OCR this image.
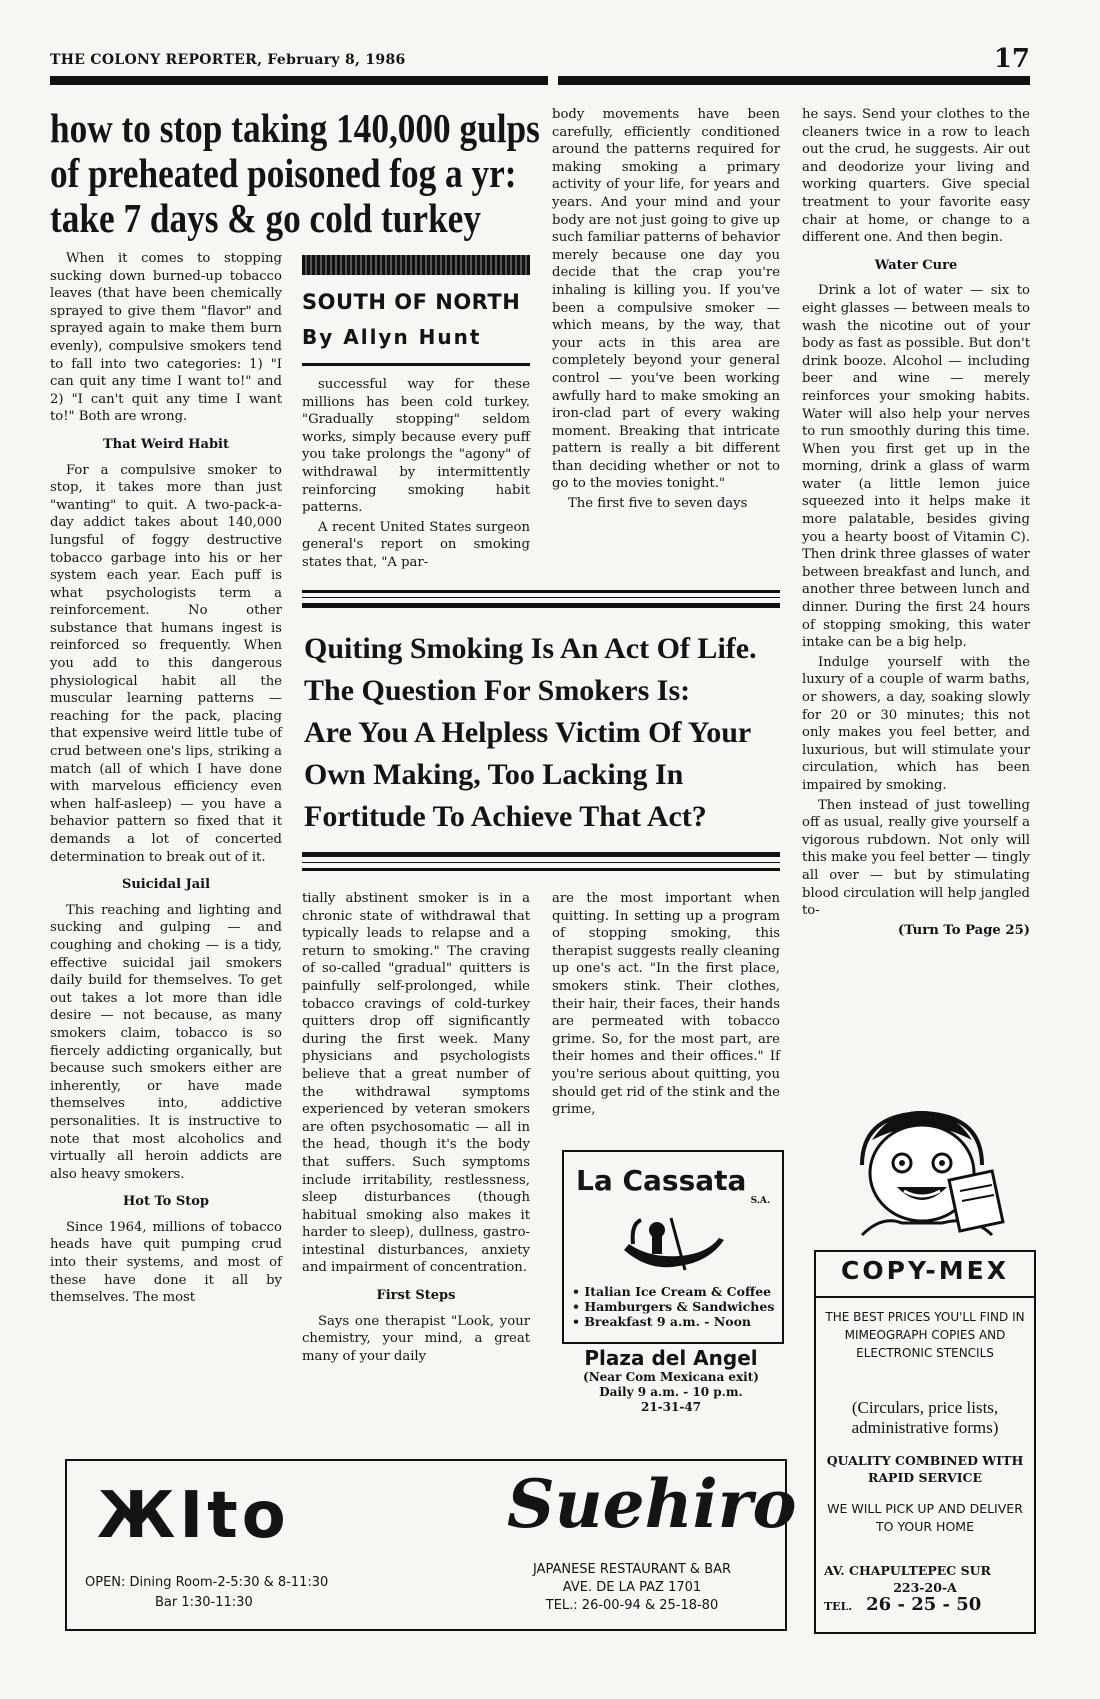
THE COLONY REPORTER, February 8, 1986	17
how to stop taking 140,000 gulps
of preheated poisoned fog a yr:
take 7 days & go cold turkey

When it comes to stopping sucking down burned-up tobacco leaves (that have been chemically sprayed to give them "flavor" and sprayed again to make them burn evenly), compulsive smokers tend to fall into two categories: 1) "I can quit any time I want to!" and 2) "I can't quit any time I want to!" Both are wrong.

That Weird Habit

For a compulsive smoker to stop, it takes more than just "wanting" to quit. A two-pack-a-day addict takes about 140,000 lungsful of foggy destructive tobacco garbage into his or her system each year. Each puff is what psychologists term a reinforcement. No other substance that humans ingest is reinforced so frequently. When you add to this dangerous physiological habit all the muscular learning patterns — reaching for the pack, placing that expensive weird little tube of crud between one's lips, striking a match (all of which I have done with marvelous efficiency even when half-asleep) — you have a behavior pattern so fixed that it demands a lot of concerted determination to break out of it.

Suicidal Jail

This reaching and lighting and sucking and gulping — and coughing and choking — is a tidy, effective suicidal jail smokers daily build for themselves. To get out takes a lot more than idle desire — not because, as many smokers claim, tobacco is so fiercely addicting organically, but because such smokers either are inherently, or have made themselves into, addictive personalities. It is instructive to note that most alcoholics and virtually all heroin addicts are also heavy smokers.

Hot To Stop

Since 1964, millions of tobacco heads have quit pumping crud into their systems, and most of these have done it all by themselves. The most

SOUTH OF NORTH
By Allyn Hunt

successful way for these millions has been cold turkey. "Gradually stopping" seldom works, simply because every puff you take prolongs the "agony" of withdrawal by intermittently reinforcing smoking habit patterns.

A recent United States surgeon general's report on smoking states that, "A par-

body movements have been carefully, efficiently conditioned around the patterns required for making smoking a primary activity of your life, for years and years. And your mind and your body are not just going to give up such familiar patterns of behavior merely because one day you decide that the crap you're inhaling is killing you. If you've been a compulsive smoker — which means, by the way, that your acts in this area are completely beyond your general control — you've been working awfully hard to make smoking an iron-clad part of every waking moment. Breaking that intricate pattern is really a bit different than deciding whether or not to go to the movies tonight."

The first five to seven days

Quiting Smoking Is An Act Of Life.
The Question For Smokers Is:
Are You A Helpless Victim Of Your
Own Making, Too Lacking In
Fortitude To Achieve That Act?

tially abstinent smoker is in a chronic state of withdrawal that typically leads to relapse and a return to smoking." The craving of so-called "gradual" quitters is painfully self-prolonged, while tobacco cravings of cold-turkey quitters drop off significantly during the first week. Many physicians and psychologists believe that a great number of the withdrawal symptoms experienced by veteran smokers are often psychosomatic — all in the head, though it's the body that suffers. Such symptoms include irritability, restlessness, sleep disturbances (though habitual smoking also makes it harder to sleep), dullness, gastro-intestinal disturbances, anxiety and impairment of concentration.

First Steps

Says one therapist "Look, your chemistry, your mind, a great many of your daily

are the most important when quitting. In setting up a program of stopping smoking, this therapist suggests really cleaning up one's act. "In the first place, smokers stink. Their clothes, their hair, their faces, their hands are permeated with tobacco grime. So, for the most part, are their homes and their offices." If you're serious about quitting, you should get rid of the stink and the grime,

he says. Send your clothes to the cleaners twice in a row to leach out the crud, he suggests. Air out and deodorize your living and working quarters. Give special treatment to your favorite easy chair at home, or change to a different one. And then begin.

Water Cure

Drink a lot of water — six to eight glasses — between meals to wash the nicotine out of your body as fast as possible. But don't drink booze. Alcohol — including beer and wine — merely reinforces your smoking habits. Water will also help your nerves to run smoothly during this time. When you first get up in the morning, drink a glass of warm water (a little lemon juice squeezed into it helps make it more palatable, besides giving you a hearty boost of Vitamin C). Then drink three glasses of water between breakfast and lunch, and another three between lunch and dinner. During the first 24 hours of stopping smoking, this water intake can be a big help.

Indulge yourself with the luxury of a couple of warm baths, or showers, a day, soaking slowly for 20 or 30 minutes; this not only makes you feel better, and luxurious, but will stimulate your circulation, which has been impaired by smoking.

Then instead of just towelling off as usual, really give yourself a vigorous rubdown. Not only will this make you feel better — tingly all over — but by stimulating blood circulation will help jangled to-

(Turn To Page 25)
La Cassata
S.A.
• Italian Ice Cream & Coffee
• Hamburgers & Sandwiches
• Breakfast 9 a.m. - Noon
Plaza del Angel
(Near Com Mexicana exit)
Daily 9 a.m. - 10 p.m.
21-31-47
ЖIto
OPEN: Dining Room-2-5:30 & 8-11:30
Bar 1:30-11:30
Suehiro
JAPANESE RESTAURANT & BAR
AVE. DE LA PAZ 1701
TEL.: 26-00-94 & 25-18-80
COPY-MEX
THE BEST PRICES YOU'LL FIND IN MIMEOGRAPH COPIES AND ELECTRONIC STENCILS
(Circulars, price lists, administrative forms)
QUALITY COMBINED WITH RAPID SERVICE
WE WILL PICK UP AND DELIVER TO YOUR HOME
AV. CHAPULTEPEC SUR
223-20-A
TEL. 26 - 25 - 50
